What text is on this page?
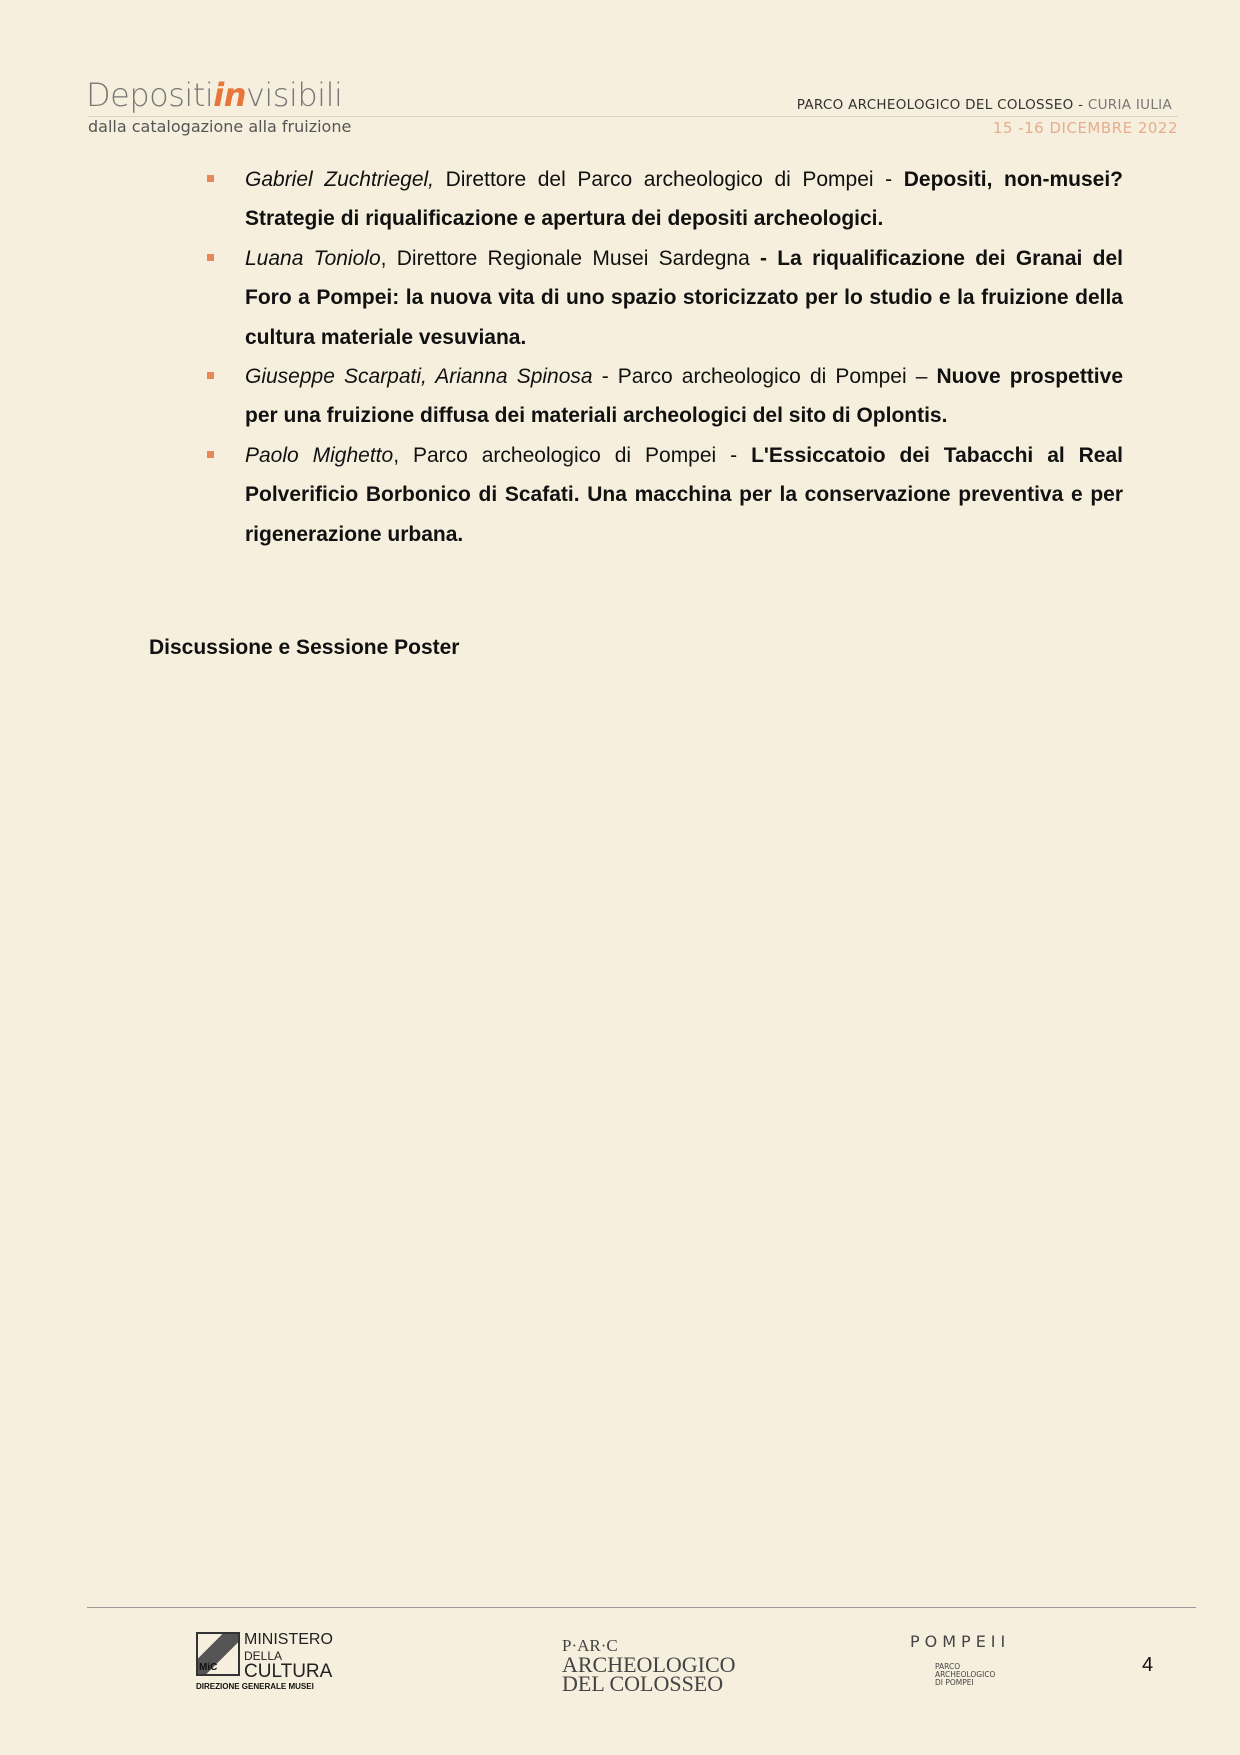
Depositiinvisibili
dalla catalogazione alla fruizione
PARCO ARCHEOLOGICO DEL COLOSSEO - CURIA IULIA
15 -16 DICEMBRE 2022
Gabriel Zuchtriegel, Direttore del Parco archeologico di Pompei - Depositi, non-musei? Strategie di riqualificazione e apertura dei depositi archeologici.
Luana Toniolo, Direttore Regionale Musei Sardegna - La riqualificazione dei Granai del Foro a Pompei: la nuova vita di uno spazio storicizzato per lo studio e la fruizione della cultura materiale vesuviana.
Giuseppe Scarpati, Arianna Spinosa - Parco archeologico di Pompei – Nuove prospettive per una fruizione diffusa dei materiali archeologici del sito di Oplontis.
Paolo Mighetto, Parco archeologico di Pompei - L'Essiccatoio dei Tabacchi al Real Polverificio Borbonico di Scafati. Una macchina per la conservazione preventiva e per rigenerazione urbana.
Discussione e Sessione Poster
MiC
MINISTERO
DELLA
CULTURA
DIREZIONE GENERALE MUSEI
P·AR·C
ARCHEOLOGICO
DEL COLOSSEO
POMPEII
PARCO
ARCHEOLOGICO
DI POMPEI
4
